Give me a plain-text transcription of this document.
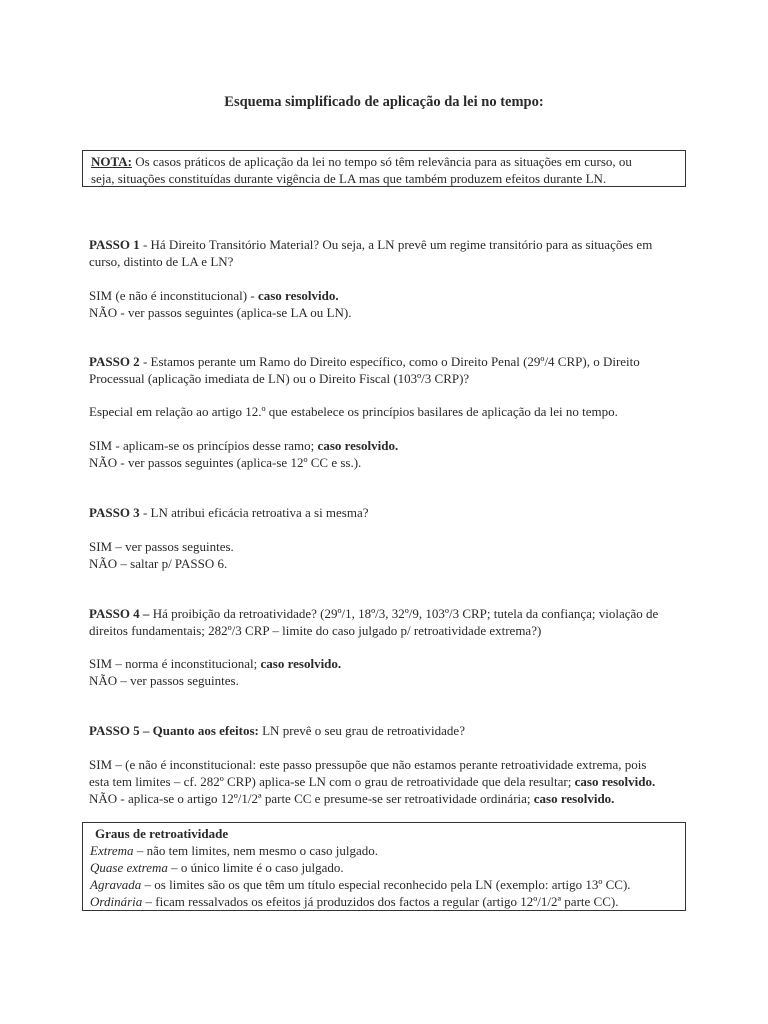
Esquema simplificado de aplicação da lei no tempo:
NOTA: Os casos práticos de aplicação da lei no tempo só têm relevância para as situações em curso, ou
seja, situações constituídas durante vigência de LA mas que também produzem efeitos durante LN.
PASSO 1 - Há Direito Transitório Material? Ou seja, a LN prevê um regime transitório para as situações em
curso, distinto de LA e LN?
SIM (e não é inconstitucional) - caso resolvido.
NÃO - ver passos seguintes (aplica-se LA ou LN).
PASSO 2 - Estamos perante um Ramo do Direito específico, como o Direito Penal (29º/4 CRP), o Direito
Processual (aplicação imediata de LN) ou o Direito Fiscal (103º/3 CRP)?
Especial em relação ao artigo 12.º que estabelece os princípios basilares de aplicação da lei no tempo.
SIM - aplicam-se os princípios desse ramo; caso resolvido.
NÃO - ver passos seguintes (aplica-se 12º CC e ss.).
PASSO 3 - LN atribui eficácia retroativa a si mesma?
SIM – ver passos seguintes.
NÃO – saltar p/ PASSO 6.
PASSO 4 – Há proibição da retroatividade? (29º/1, 18º/3, 32º/9, 103º/3 CRP; tutela da confiança; violação de
direitos fundamentais; 282º/3 CRP – limite do caso julgado p/ retroatividade extrema?)
SIM – norma é inconstitucional; caso resolvido.
NÃO – ver passos seguintes.
PASSO 5 – Quanto aos efeitos: LN prevê o seu grau de retroatividade?
SIM – (e não é inconstitucional: este passo pressupõe que não estamos perante retroatividade extrema, pois
esta tem limites – cf. 282º CRP) aplica-se LN com o grau de retroatividade que dela resultar; caso resolvido.
NÃO - aplica-se o artigo 12º/1/2ª parte CC e presume-se ser retroatividade ordinária; caso resolvido.
Graus de retroatividade
Extrema – não tem limites, nem mesmo o caso julgado.
Quase extrema – o único limite é o caso julgado.
Agravada – os limites são os que têm um título especial reconhecido pela LN (exemplo: artigo 13º CC).
Ordinária – ficam ressalvados os efeitos já produzidos dos factos a regular (artigo 12º/1/2ª parte CC).
